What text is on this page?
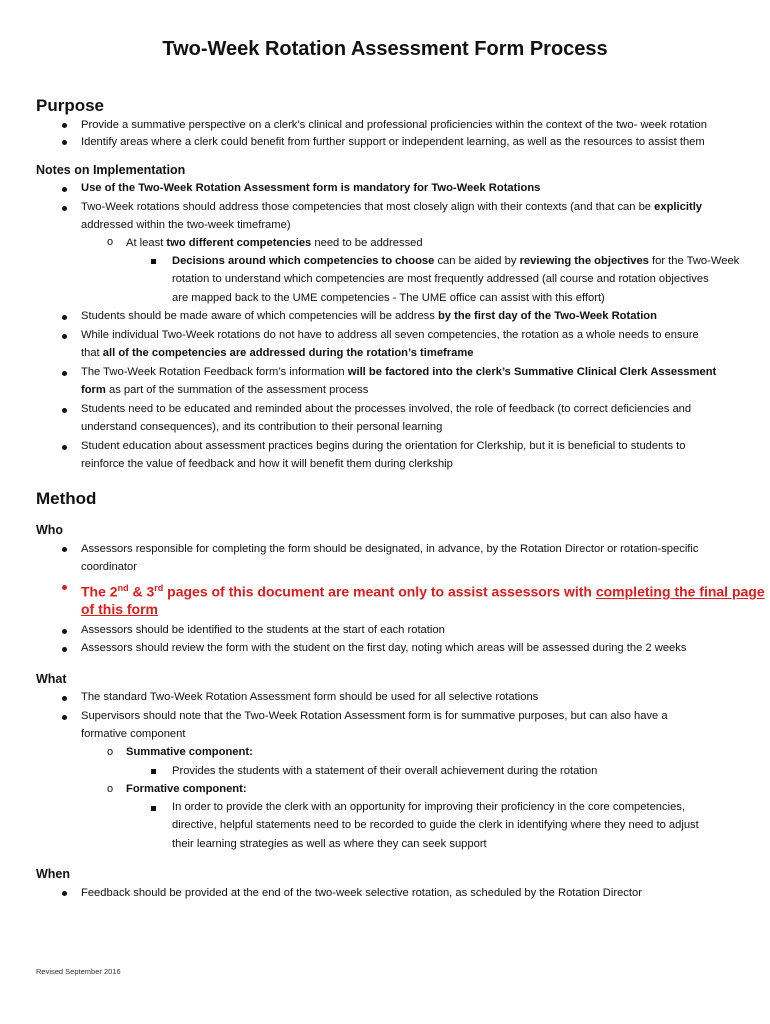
Two-Week Rotation Assessment Form Process
Purpose
Provide a summative perspective on a clerk’s clinical and professional proficiencies within the context of the two- week rotation
Identify areas where a clerk could benefit from further support or independent learning, as well as the resources to assist them
Notes on Implementation
Use of the Two-Week Rotation Assessment form is mandatory for Two-Week Rotations
Two-Week rotations should address those competencies that most closely align with their contexts (and that can be explicitly
addressed within the two-week timeframe)
o At least two different competencies need to be addressed
Decisions around which competencies to choose can be aided by reviewing the objectives for the Two-Week
rotation to understand which competencies are most frequently addressed (all course and rotation objectives
are mapped back to the UME competencies - The UME office can assist with this effort)
Students should be made aware of which competencies will be address by the first day of the Two-Week Rotation
While individual Two-Week rotations do not have to address all seven competencies, the rotation as a whole needs to ensure
that all of the competencies are addressed during the rotation’s timeframe
The Two-Week Rotation Feedback form’s information will be factored into the clerk’s Summative Clinical Clerk Assessment
form as part of the summation of the assessment process
Students need to be educated and reminded about the processes involved, the role of feedback (to correct deficiencies and
understand consequences), and its contribution to their personal learning
Student education about assessment practices begins during the orientation for Clerkship, but it is beneficial to students to
reinforce the value of feedback and how it will benefit them during clerkship
Method
Who
Assessors responsible for completing the form should be designated, in advance, by the Rotation Director or rotation-specific
coordinator
The 2nd & 3rd pages of this document are meant only to assist assessors with completing the final page
of this form
Assessors should be identified to the students at the start of each rotation
Assessors should review the form with the student on the first day, noting which areas will be assessed during the 2 weeks
What
The standard Two-Week Rotation Assessment form should be used for all selective rotations
Supervisors should note that the Two-Week Rotation Assessment form is for summative purposes, but can also have a
formative component
o Summative component:
Provides the students with a statement of their overall achievement during the rotation
o Formative component:
In order to provide the clerk with an opportunity for improving their proficiency in the core competencies,
directive, helpful statements need to be recorded to guide the clerk in identifying where they need to adjust
their learning strategies as well as where they can seek support
When
Feedback should be provided at the end of the two-week selective rotation, as scheduled by the Rotation Director
Revised September 2016
